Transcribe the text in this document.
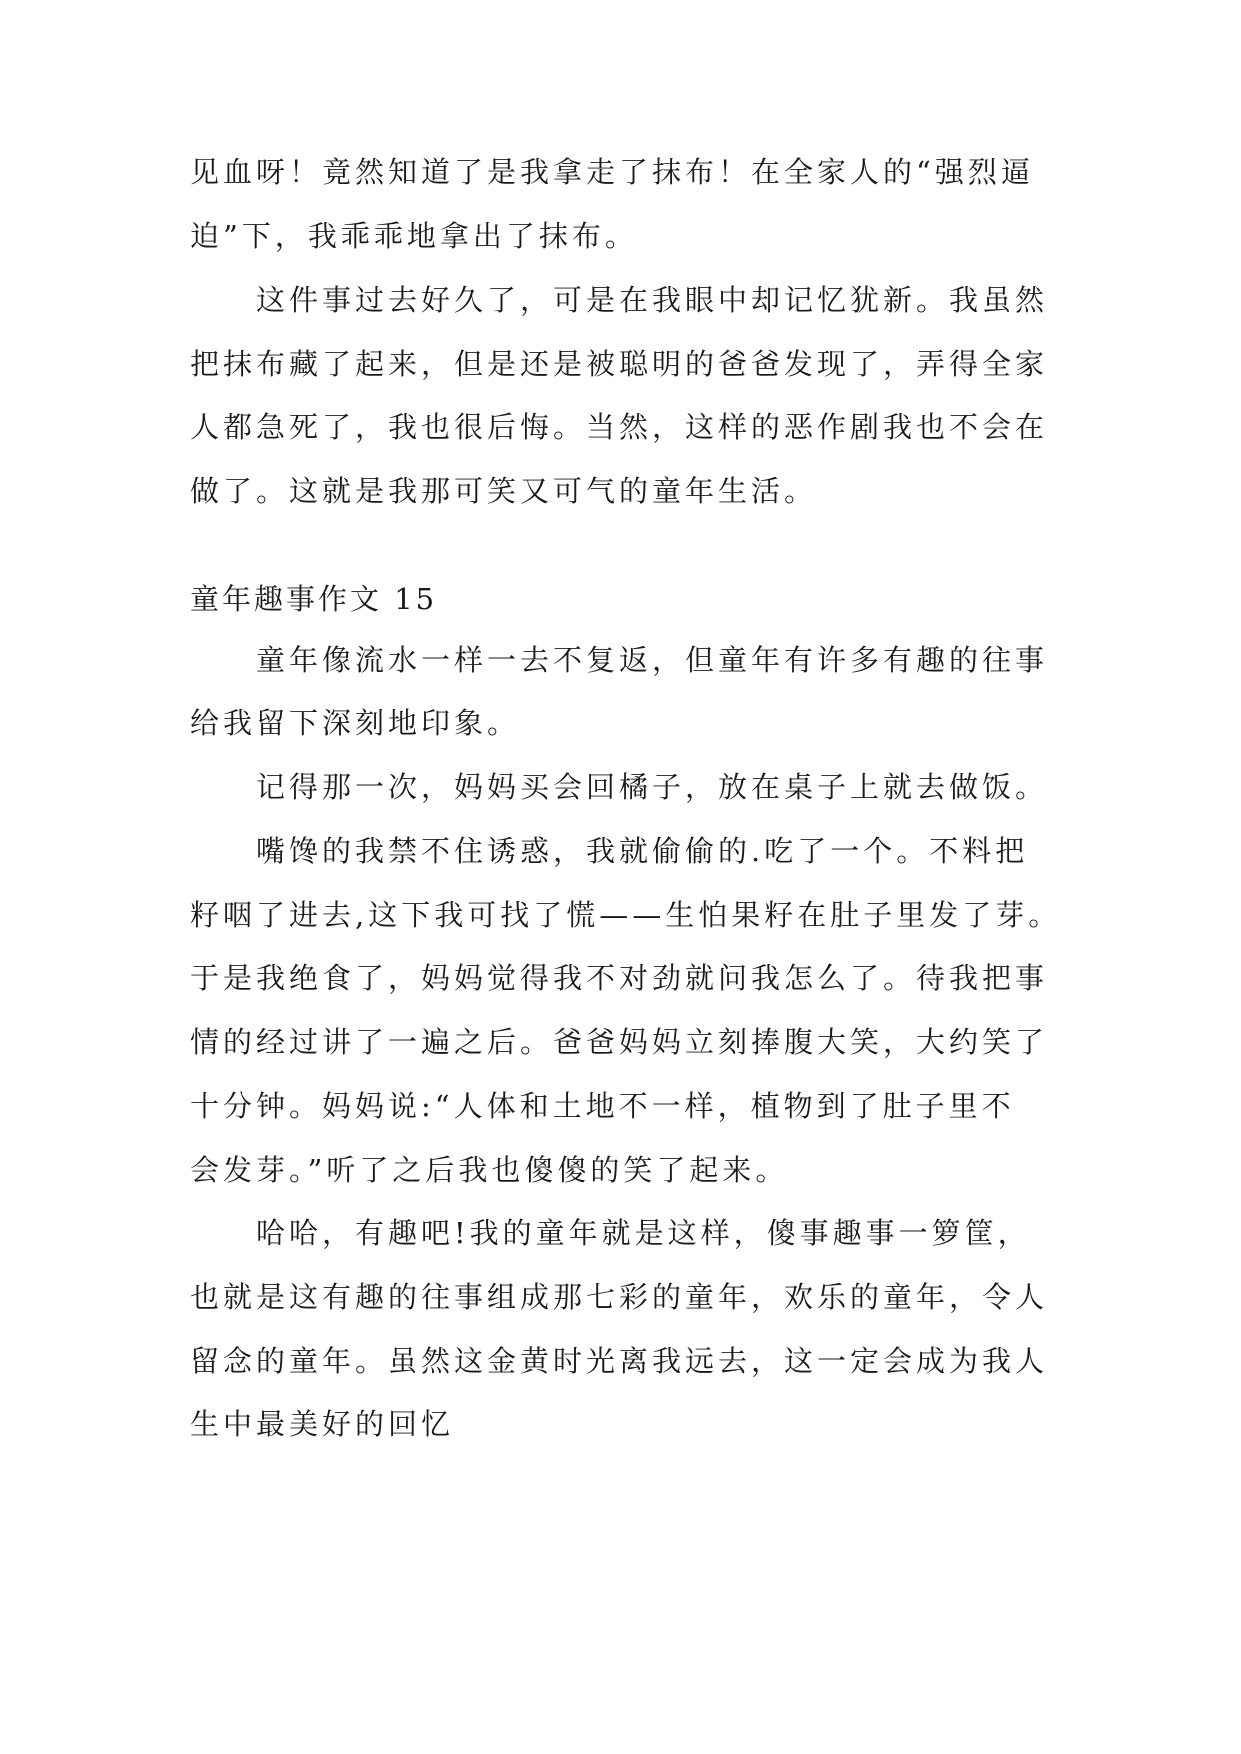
见血呀！竟然知道了是我拿走了抹布！在全家人的“强烈逼
迫”下，我乖乖地拿出了抹布。
这件事过去好久了，可是在我眼中却记忆犹新。我虽然
把抹布藏了起来，但是还是被聪明的爸爸发现了，弄得全家
人都急死了，我也很后悔。当然，这样的恶作剧我也不会在
做了。这就是我那可笑又可气的童年生活。
童年趣事作文 15
童年像流水一样一去不复返，但童年有许多有趣的往事
给我留下深刻地印象。
记得那一次，妈妈买会回橘子，放在桌子上就去做饭。
嘴馋的我禁不住诱惑，我就偷偷的.吃了一个。不料把
籽咽了进去,这下我可找了慌——生怕果籽在肚子里发了芽。
于是我绝食了，妈妈觉得我不对劲就问我怎么了。待我把事
情的经过讲了一遍之后。爸爸妈妈立刻捧腹大笑，大约笑了
十分钟。妈妈说:“人体和土地不一样，植物到了肚子里不
会发芽。”听了之后我也傻傻的笑了起来。
哈哈，有趣吧!我的童年就是这样，傻事趣事一箩筐，
也就是这有趣的往事组成那七彩的童年，欢乐的童年，令人
留念的童年。虽然这金黄时光离我远去，这一定会成为我人
生中最美好的回忆
